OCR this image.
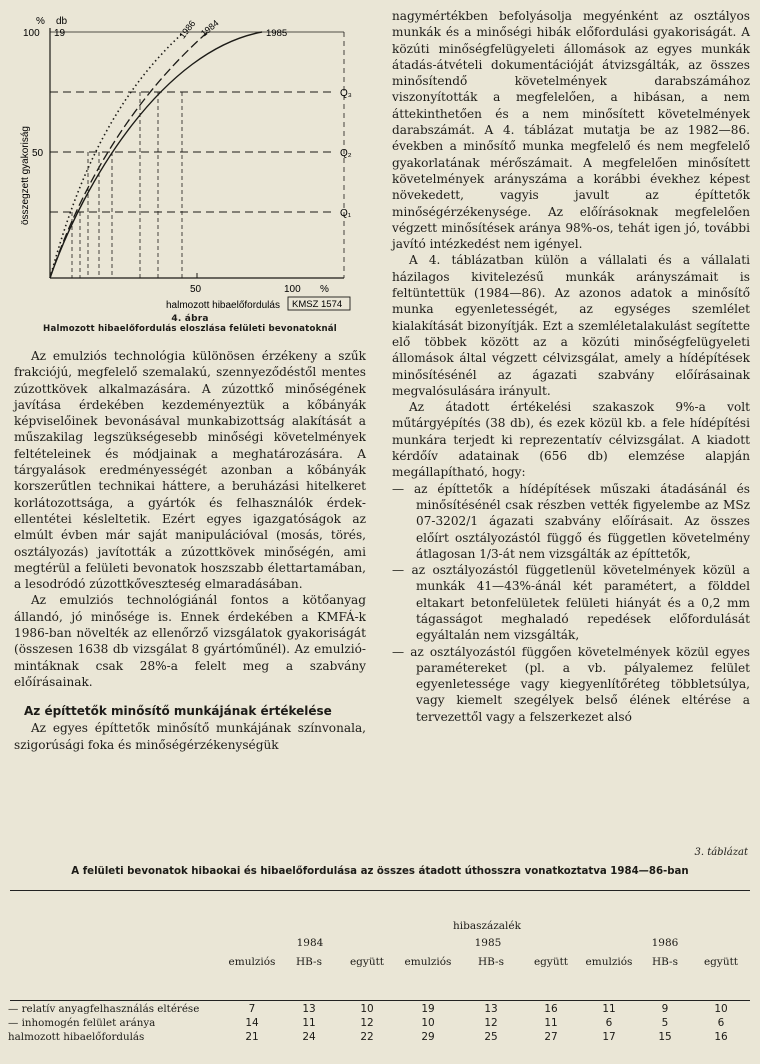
% db
100 19
50
összegzett gyakoriság
50	100 %
halmozott hibaelőfordulás KMSZ 1574
1986 1984	1985
Q₃
Q₂
Q₁
4. ábra
Halmozott hibaelőfordulás eloszlása felületi bevonatoknál

Az emulziós technológia különösen érzékeny a szűk frakciójú, megfelelő szemalakú, szennyeződéstől mentes zúzottkövek alkalmazására. A zúzottkő minőségének javítása érdekében kezdeményeztük a kőbányák képviselőinek bevonásával munkabizottság alakítását a műszakilag legszükségesebb minőségi követelmények feltételeinek és módjainak a meghatározására. A tárgyalások eredményességét azonban a kőbányák korszerűtlen technikai háttere, a beruházási hitelkeret korlátozottsága, a gyártók és felhasználók érdekellentétei késleltetik. Ezért egyes igazgatóságok az elmúlt évben már saját manipulációval (mosás, törés, osztályozás) javították a zúzottkövek minőségén, ami megtérül a felületi bevonatok hoszszabb élettartamában, a lesodródó zúzottkőveszteség elmaradásában.

Az emulziós technológiánál fontos a kötőanyag állandó, jó minősége is. Ennek érdekében a KMFÁ-k 1986-ban növelték az ellenőrző vizsgálatok gyakoriságát (összesen 1638 db vizsgálat 8 gyártóműnél). Az emulzió-mintáknak csak 28%-a felelt meg a szabvány előírásainak.

Az építtetők minősítő munkájának értékelése

Az egyes építtetők minősítő munkájának színvonala, szigorúsági foka és minőségérzékenységük

nagymértékben befolyásolja megyénként az osztályos munkák és a minőségi hibák előfordulási gyakoriságát. A közúti minőségfelügyeleti állomások az egyes munkák átadás-átvételi dokumentációját átvizsgálták, az összes minősítendő követelmények darabszámához viszonyították a megfelelően, a hibásan, a nem áttekinthetően és a nem minősített követelmények darabszámát. A 4. táblázat mutatja be az 1982—86. években a minősítő munka megfelelő és nem megfelelő gyakorlatának mérőszámait. A megfelelően minősített követelmények arányszáma a korábbi évekhez képest növekedett, vagyis javult az építtetők minőségérzékenysége. Az előírásoknak megfelelően végzett minősítések aránya 98%-os, tehát igen jó, további javító intézkedést nem igényel.

A 4. táblázatban külön a vállalati és a vállalati házilagos kivitelezésű munkák arányszámait is feltüntettük (1984—86). Az azonos adatok a minősítő munka egyenletességét, az egységes szemlélet kialakítását bizonyítják. Ezt a szemléletalakulást segítette elő többek között az a közúti minőségfelügyeleti állomások által végzett célvizsgálat, amely a hídépítések minősítésénél az ágazati szabvány előírásainak megvalósulására irányult.

Az átadott értékelési szakaszok 9%-a volt műtárgyépítés (38 db), és ezek közül kb. a fele hídépítési munkára terjedt ki reprezentatív célvizsgálat. A kiadott kérdőív adatainak (656 db) elemzése alapján megállapítható, hogy:

— az építtetők a hídépítések műszaki átadásánál és minősítésénél csak részben vették figyelembe az MSz 07-3202/1 ágazati szabvány előírásait. Az összes előírt osztályozástól függő és független követelmény átlagosan 1/3-át nem vizsgálták az építtetők,
— az osztályozástól függetlenül követelmények közül a munkák 41—43%-ánál két paramétert, a földdel eltakart betonfelületek felületi hiányát és a 0,2 mm tágasságot meghaladó repedések előfordulását egyáltalán nem vizsgálták,
— az osztályozástól függően követelmények közül egyes paramétereket (pl. a vb. pályalemez felület egyenletessége vagy kiegyenlítőréteg többletsúlya, vagy kiemelt szegélyek belső élének eltérése a tervezettől vagy a felszerkezet alsó
3. táblázat
A felületi bevonatok hibaokai és hibaelőfordulása az összes átadott úthosszra vonatkoztatva 1984—86-ban
	hibaszázalék								
	1984			1985			1986		
	emulziós	HB-s	együtt	emulziós	HB-s	együtt	emulziós	HB-s	együtt

— relatív anyagfelhasználás eltérése	7	13	10	19	13	16	11	9	10
— inhomogén felület aránya	14	11	12	10	12	11	6	5	6
halmozott hibaelőfordulás	21	24	22	29	25	27	17	15	16
